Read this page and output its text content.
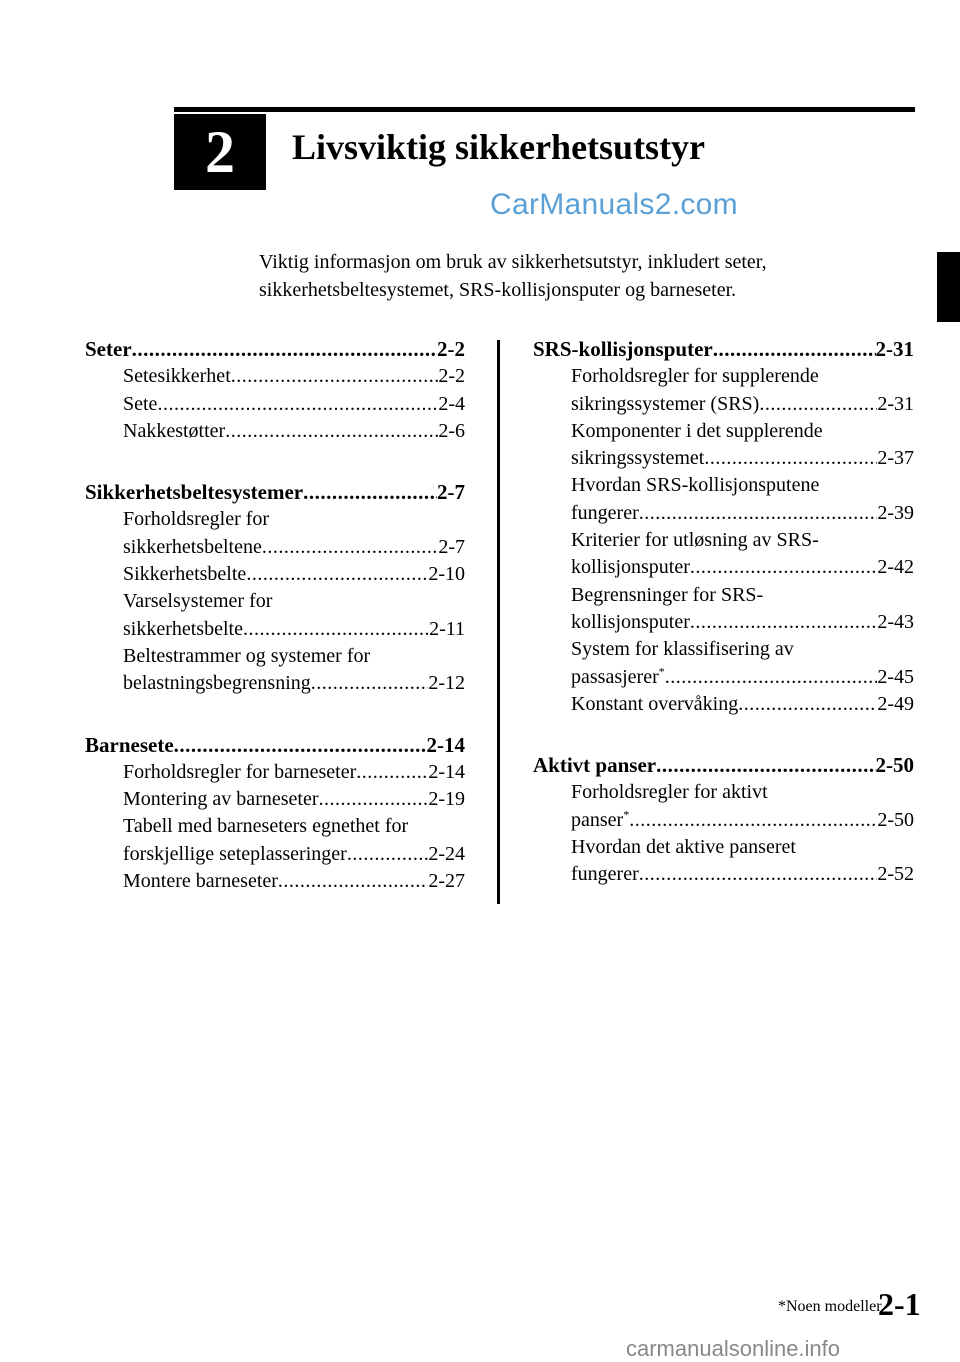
2	Livsviktig sikkerhetsutstyr
CarManuals2.com
Viktig informasjon om bruk av sikkerhetsutstyr, inkludert seter,
sikkerhetsbeltesystemet, SRS-kollisjonsputer og barneseter.
Seter .....	2-2
Setesikkerhet .....	2-2
Sete .....	2-4
Nakkestøtter .....	2-6
Sikkerhetsbeltesystemer .....	2-7
Forholdsregler for
sikkerhetsbeltene .....	2-7
Sikkerhetsbelte .....	2-10
Varselsystemer for
sikkerhetsbelte .....	2-11
Beltestrammer og systemer for
belastningsbegrensning .....	2-12
Barnesete .....	2-14
Forholdsregler for barneseter .....	2-14
Montering av barneseter .....	2-19
Tabell med barneseters egnethet for
forskjellige seteplasseringer .....	2-24
Montere barneseter .....	2-27
SRS-kollisjonsputer .....	2-31
Forholdsregler for supplerende
sikringssystemer (SRS) .....	2-31
Komponenter i det supplerende
sikringssystemet .....	2-37
Hvordan SRS-kollisjonsputene
fungerer .....	2-39
Kriterier for utløsning av SRS-
kollisjonsputer .....	2-42
Begrensninger for SRS-
kollisjonsputer .....	2-43
System for klassifisering av
passasjerer* .....	2-45
Konstant overvåking .....	2-49
Aktivt panser .....	2-50
Forholdsregler for aktivt
panser* .....	2-50
Hvordan det aktive panseret
fungerer .....	2-52
*Noen modeller.
2-1
carmanualsonline.info
